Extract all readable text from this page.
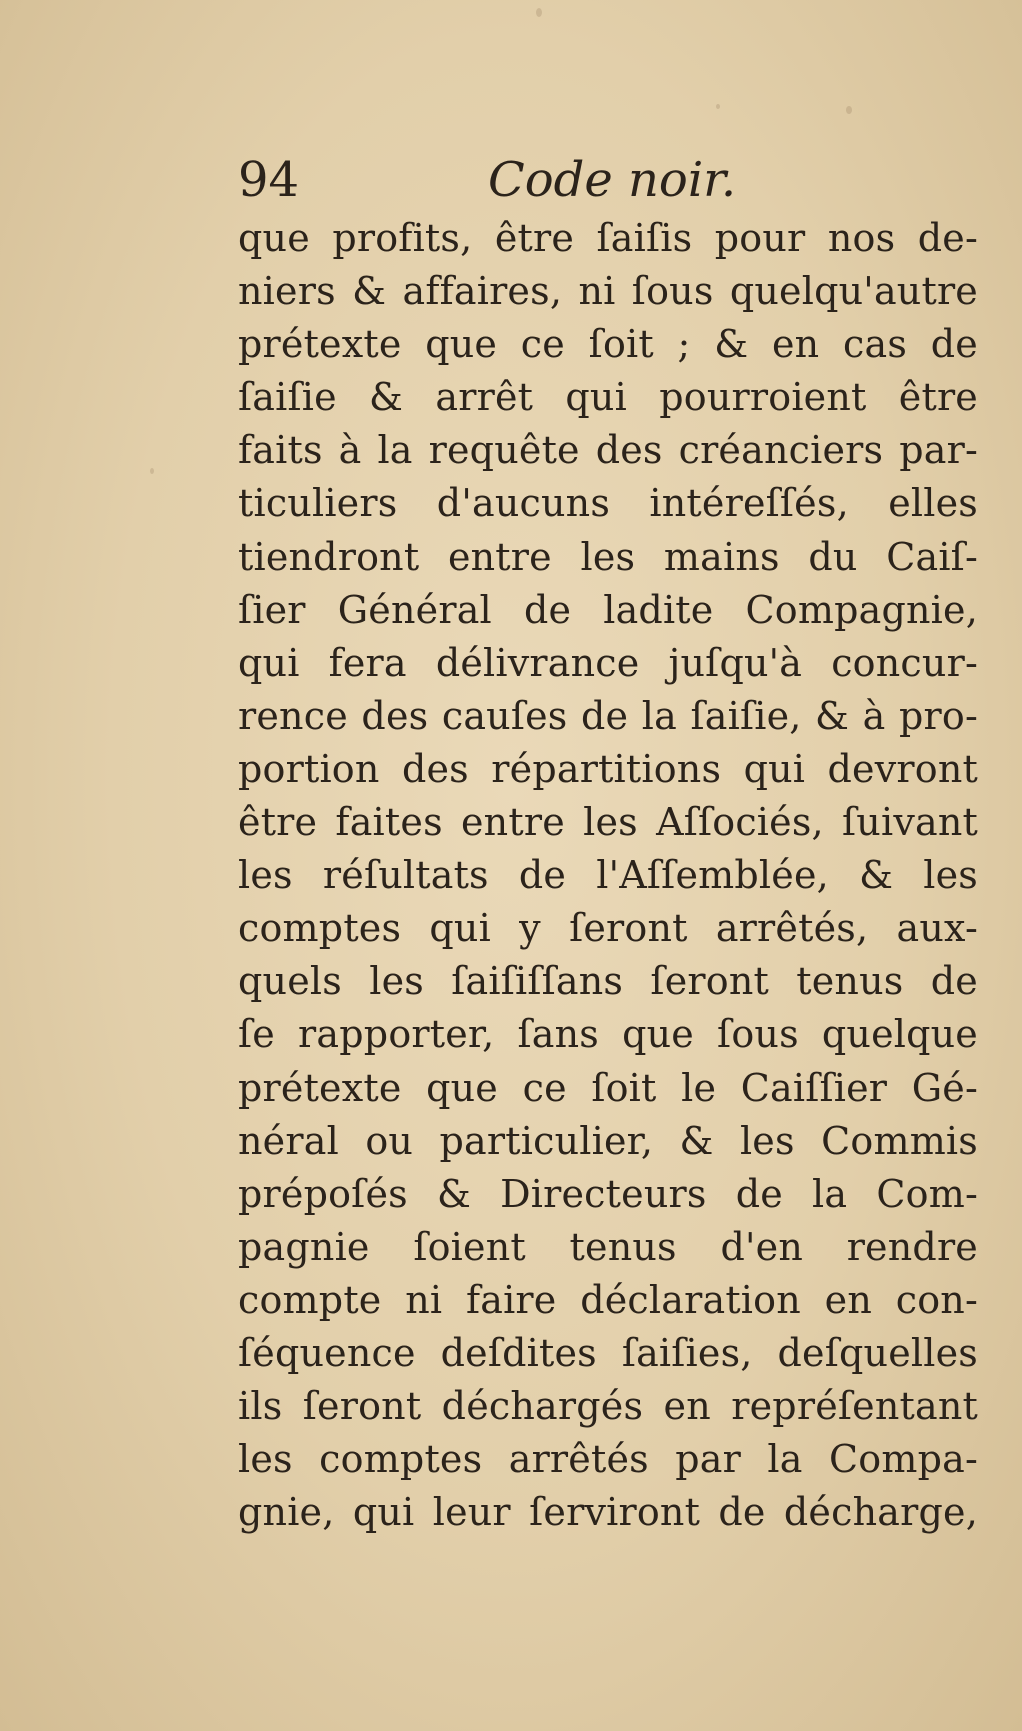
94	Code noir.
que profits, être ſaiſis pour nos de-
niers & affaires, ni ſous quelqu'autre
prétexte que ce ſoit ; & en cas de
ſaiſie & arrêt qui pourroient être
faits à la requête des créanciers par-
ticuliers d'aucuns intéreſſés, elles
tiendront entre les mains du Caiſ-
ſier Général de ladite Compagnie,
qui fera délivrance juſqu'à concur-
rence des cauſes de la ſaiſie, & à pro-
portion des répartitions qui devront
être faites entre les Aſſociés, ſuivant
les réſultats de l'Aſſemblée, & les
comptes qui y ſeront arrêtés, aux-
quels les ſaiſiſſans ſeront tenus de
ſe rapporter, ſans que ſous quelque
prétexte que ce ſoit le Caiſſier Gé-
néral ou particulier, & les Commis
prépoſés & Directeurs de la Com-
pagnie ſoient tenus d'en rendre
compte ni faire déclaration en con-
ſéquence deſdites ſaiſies, deſquelles
ils ſeront déchargés en repréſentant
les comptes arrêtés par la Compa-
gnie, qui leur ſerviront de décharge,
